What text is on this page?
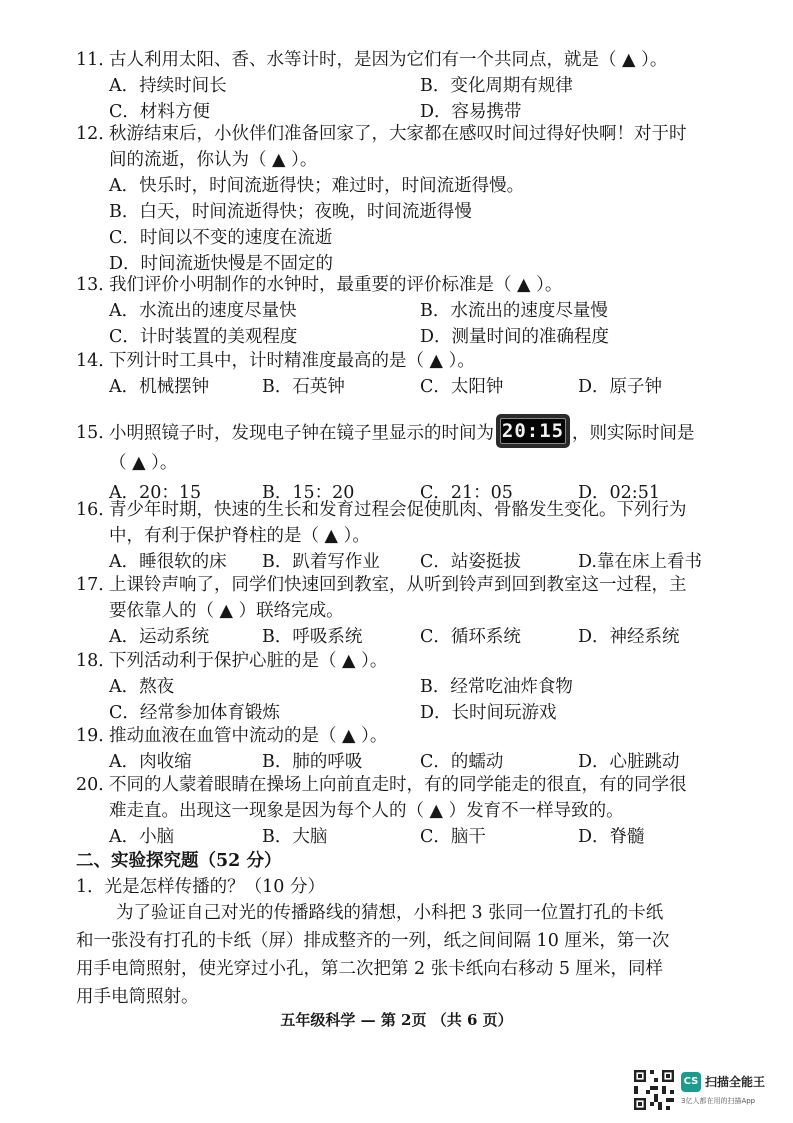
11．
古人利用太阳、香、水等计时，是因为它们有一个共同点，就是（ ▲ ）。
A．持续时间长	B．变化周期有规律
C．材料方便	D．容易携带
12．
秋游结束后，小伙伴们准备回家了，大家都在感叹时间过得好快啊！对于时
间的流逝，你认为（ ▲ ）。
A．快乐时，时间流逝得快；难过时，时间流逝得慢。
B．白天，时间流逝得快；夜晚，时间流逝得慢
C．时间以不变的速度在流逝
D．时间流逝快慢是不固定的
13．
我们评价小明制作的水钟时，最重要的评价标准是（ ▲ ）。
A．水流出的速度尽量快	B．水流出的速度尽量慢
C．计时装置的美观程度	D．测量时间的准确程度
14．
下列计时工具中，计时精准度最高的是（ ▲ ）。
A．机械摆钟	B．石英钟	C．太阳钟	D．原子钟
15．
小明照镜子时，发现电子钟在镜子里显示的时间为 20:15 ，则实际时间是
（ ▲ ）。
A．20：15	B．15：20	C．21：05	D．02:51
16．
青少年时期，快速的生长和发育过程会促使肌肉、骨骼发生变化。下列行为
中，有利于保护脊柱的是（ ▲ ）。
A．睡很软的床 B．趴着写作业 C．站姿挺拔	D.靠在床上看书
17．
上课铃声响了，同学们快速回到教室，从听到铃声到回到教室这一过程，主
要依靠人的（ ▲ ）联络完成。
A．运动系统	B．呼吸系统	C．循环系统	D．神经系统
18．
下列活动利于保护心脏的是（ ▲ ）。
A．熬夜	B．经常吃油炸食物
C．经常参加体育锻炼	D．长时间玩游戏
19．
推动血液在血管中流动的是（ ▲ ）。
A．肉收缩	B．肺的呼吸	C．的蠕动	D．心脏跳动
20．
不同的人蒙着眼睛在操场上向前直走时，有的同学能走的很直，有的同学很
难走直。出现这一现象是因为每个人的（ ▲ ）发育不一样导致的。
A．小脑	B．大脑	C．脑干	D．脊髓
二、实验探究题（52 分）
1．光是怎样传播的？（10 分）
为了验证自己对光的传播路线的猜想，小科把 3 张同一位置打孔的卡纸
和一张没有打孔的卡纸（屏）排成整齐的一列，纸之间间隔 10 厘米，第一次
用手电筒照射，使光穿过小孔，第二次把第 2 张卡纸向右移动 5 厘米，同样
用手电筒照射。
五年级科学 — 第 2页 （共 6 页）
CS 扫描全能王
3亿人都在用的扫描App
